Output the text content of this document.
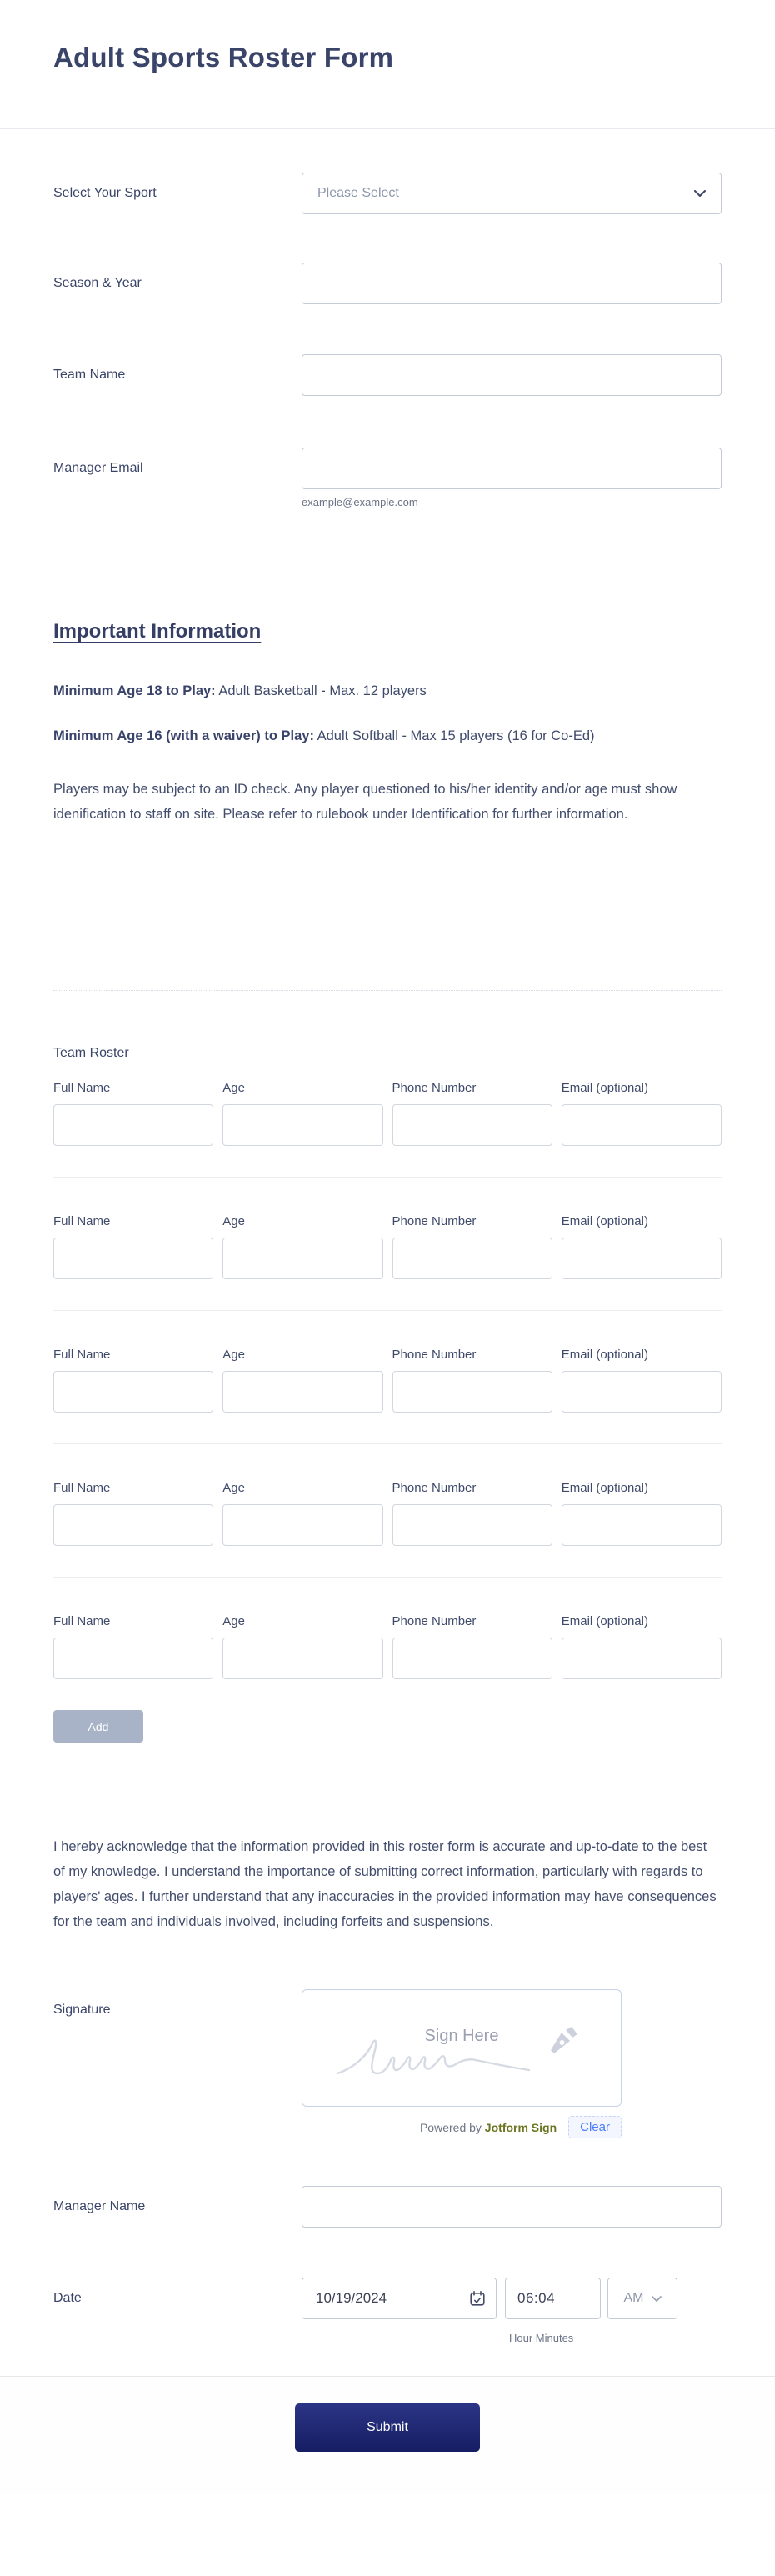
Adult Sports Roster Form
Select Your Sport	Please Select
Season & Year
Team Name
Manager Email
example@example.com
Important Information

Minimum Age 18 to Play: Adult Basketball - Max. 12 players

Minimum Age 16 (with a waiver) to Play: Adult Softball - Max 15 players (16 for Co-Ed)

Players may be subject to an ID check. Any player questioned to his/her identity and/or age must show idenification to staff on site. Please refer to rulebook under Identification for further information.

Team Roster
Full Name	Age	Phone Number	Email (optional)
Full Name	Age	Phone Number	Email (optional)
Full Name	Age	Phone Number	Email (optional)
Full Name	Age	Phone Number	Email (optional)
Full Name	Age	Phone Number	Email (optional)
Add

I hereby acknowledge that the information provided in this roster form is accurate and up-to-date to the best of my knowledge. I understand the importance of submitting correct information, particularly with regards to players' ages. I further understand that any inaccuracies in the provided information may have consequences for the team and individuals involved, including forfeits and suspensions.

Signature
Sign Here
Powered by Jotform Sign	Clear
Manager Name
Date
10/19/2024
06:04	AM
Hour Minutes
Submit
